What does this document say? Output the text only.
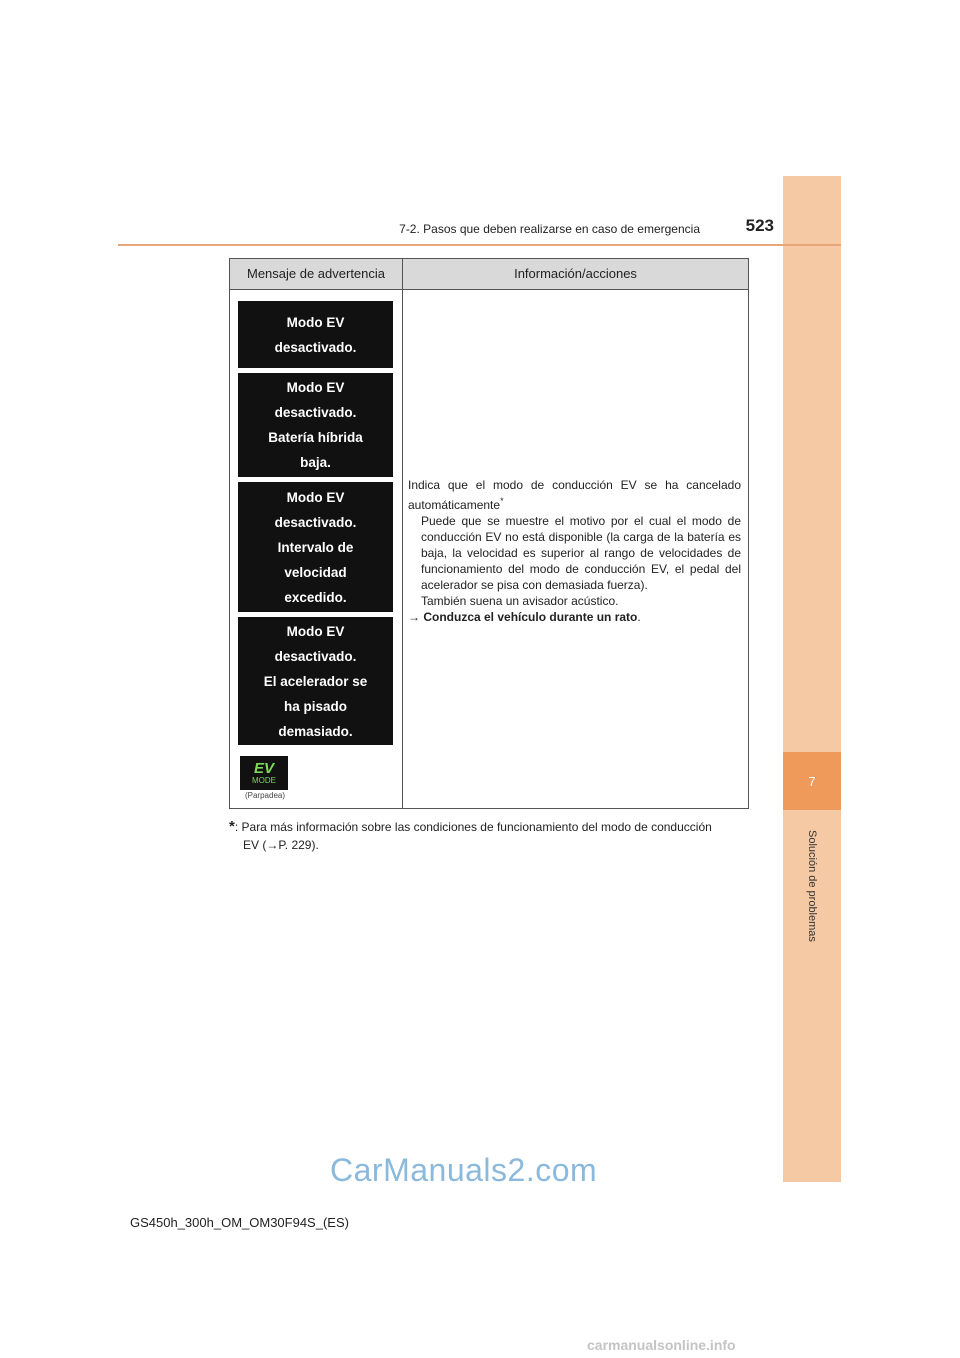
7
Solución de problemas
7-2. Pasos que deben realizarse en caso de emergencia	523
Mensaje de advertencia	Información/acciones
Modo EV
desactivado.
Modo EV
desactivado.
Batería híbrida
baja.
Modo EV
desactivado.
Intervalo de
velocidad
excedido.
Modo EV
desactivado.
El acelerador se
ha pisado
demasiado.
EV
MODE
(Parpadea)
Indica que el modo de conducción EV se ha cancelado automáticamente*
Puede que se muestre el motivo por el cual el modo de conducción EV no está disponible (la carga de la batería es baja, la velocidad es superior al rango de velocidades de funcionamiento del modo de conducción EV, el pedal del acelerador se pisa con demasiada fuerza).
También suena un avisador acústico.
→ Conduzca el vehículo durante un rato.
*: Para más información sobre las condiciones de funcionamiento del modo de conducción
EV (→P. 229).
CarManuals2.com
GS450h_300h_OM_OM30F94S_(ES)
carmanualsonline.info
